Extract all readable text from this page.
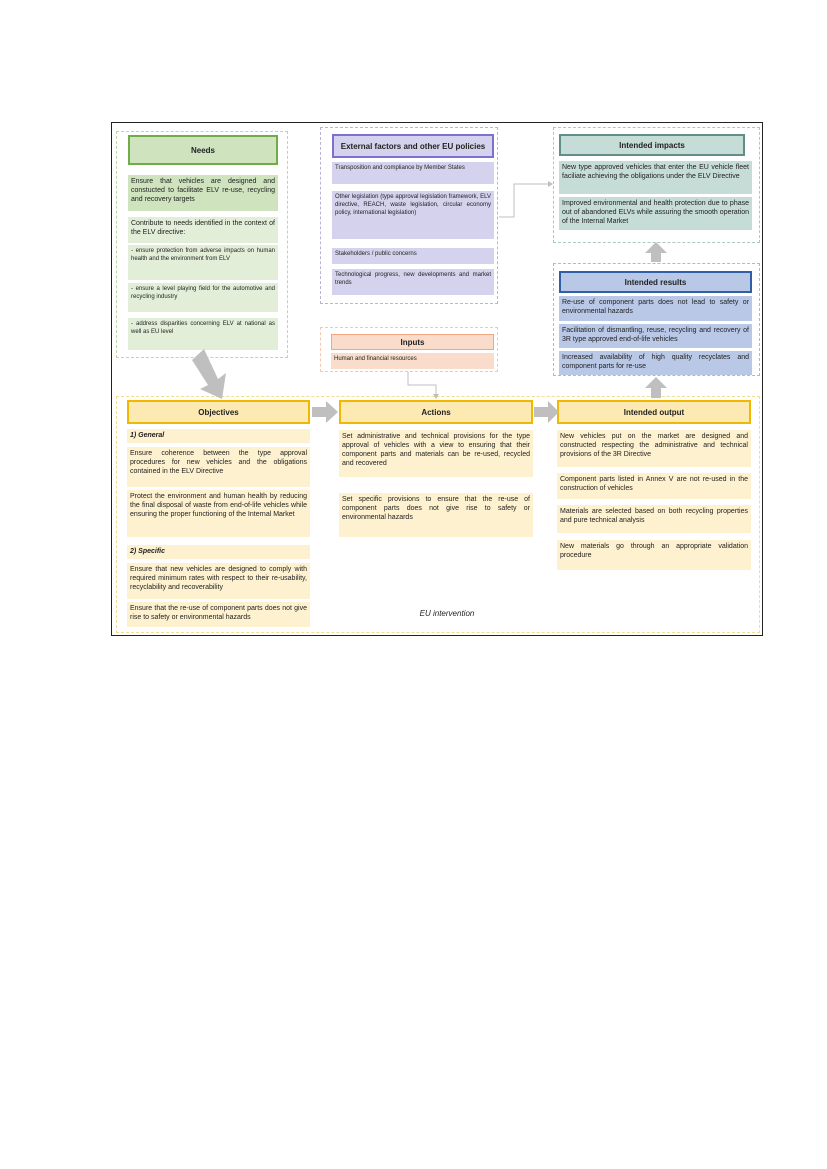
Needs
Ensure that vehicles are designed and constucted to facilitate ELV re-use, recycling and recovery targets
Contribute to needs identified in the context of the ELV directive:
- ensure protection from adverse impacts on human health and the environment from ELV
- ensure a level playing field for the automotive and recycling industry
- address disparities concerning ELV at national as well as EU level
External factors and other EU policies
Transposition and compliance by Member States
Other legislation (type approval legislation framework, ELV directive, REACH, waste legislation, circular economy policy, international legislation)
Stakeholders / public concerns
Technological progress, new developments and market trends
Inputs
Human and financial resources
Intended impacts
New type approved vehicles that enter the EU vehicle fleet faciliate achieving the obligations under the ELV Directive
Improved environmental and health protection due to phase out of abandoned ELVs while assuring the smooth operation of the Internal Market
Intended results
Re-use of component parts does not lead to safety or environmental hazards
Facilitation of dismantling, reuse, recycling and recovery of 3R type approved end-of-life vehicles
Increased availability of high quality recyclates and component parts for re-use
Objectives
1) General
Ensure coherence between the type approval procedures for new vehicles and the obligations contained in the ELV Directive
Protect the environment and human health by reducing the final disposal of waste from end-of-life vehicles while ensuring the proper functioning of the Internal Market
2) Specific
Ensure that new vehicles are designed to comply with required minimum rates with respect to their re-usability, recyclability and recoverability
Ensure that the re-use of component parts does not give rise to safety or environmental hazards
Actions
Set administrative and technical provisions for the type approval of vehicles with a view to ensuring that their component parts and materials can be re-used, recycled and recovered
Set specific provisions to ensure that the re-use of component parts does not give rise to safety or environmental hazards
Intended output
New vehicles put on the market are designed and constructed respecting the administrative and technical provisions of the 3R Directive
Component parts listed in Annex V are not re-used in the construction of vehicles
Materials are selected based on both recycling properties and pure technical analysis
New materials go through an appropriate validation procedure
EU intervention
